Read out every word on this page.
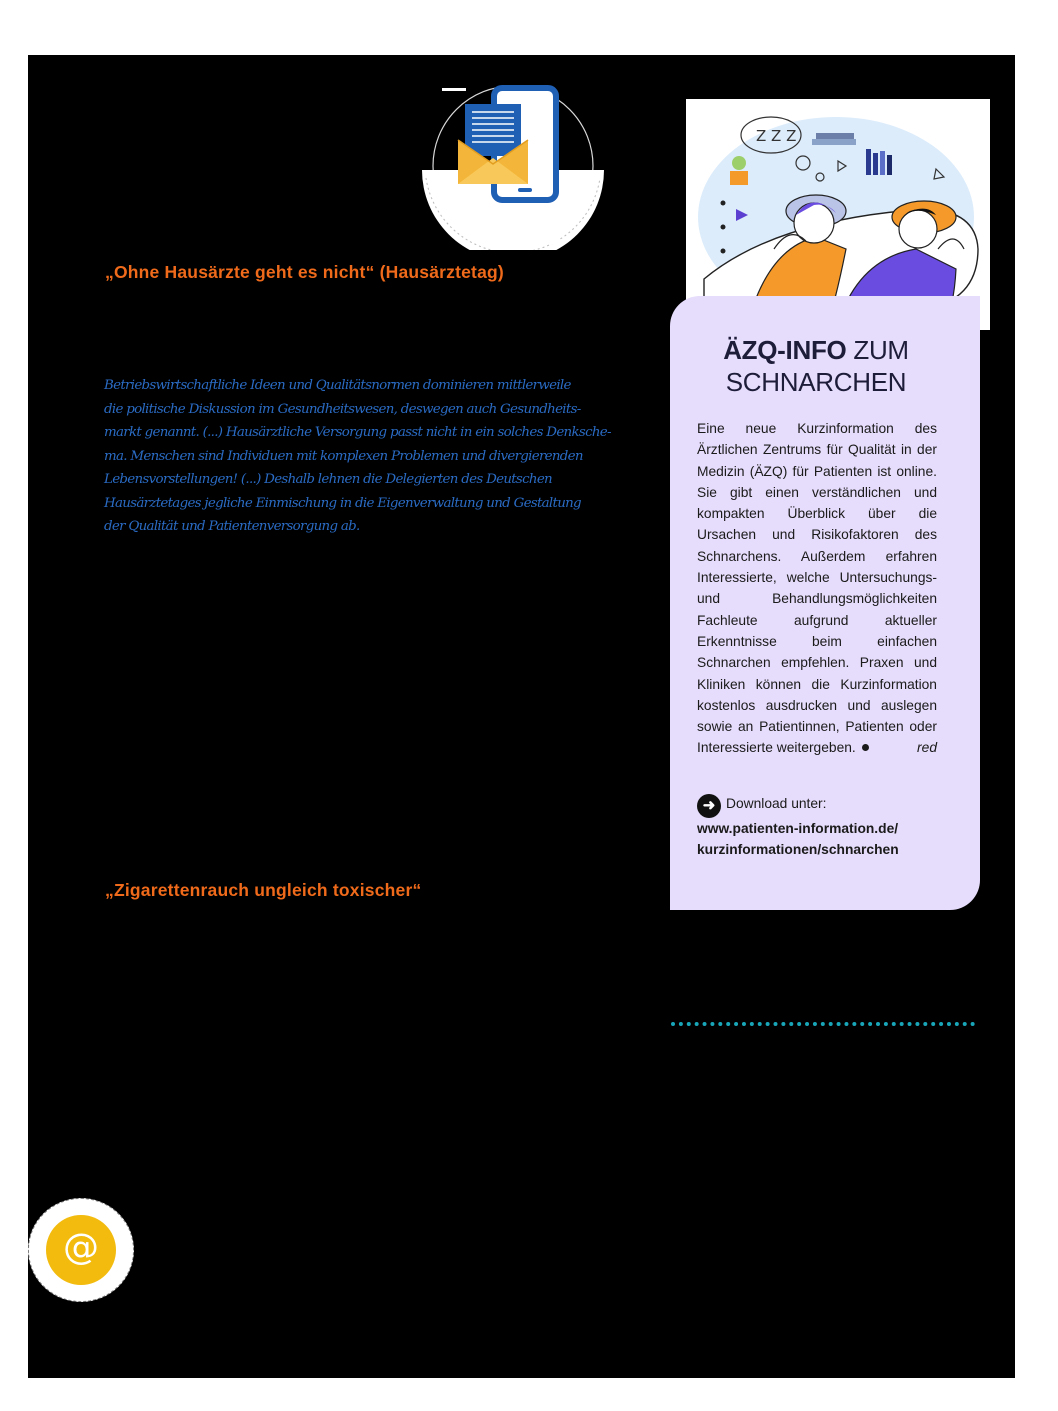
„Ohne Hausärzte geht es nicht“ (Hausärztetag)
Betriebswirtschaftliche Ideen und Qualitätsnormen dominieren mittlerweile
die politische Diskussion im Gesundheitswesen, deswegen auch Gesundheits-
markt genannt. (...) Hausärztliche Versorgung passt nicht in ein solches Denksche-
ma. Menschen sind Individuen mit komplexen Problemen und divergierenden
Lebensvorstellungen! (...) Deshalb lehnen die Delegierten des Deutschen
Hausärztetages jegliche Einmischung in die Eigenverwaltung und Gestaltung
der Qualität und Patientenversorgung ab.
„Zigarettenrauch ungleich toxischer“
Z Z Z
ÄZQ-INFO ZUM
SCHNARCHEN
Eine neue Kurzinformation des Ärztlichen Zentrums für Qualität in der Medizin (ÄZQ) für Patienten ist online. Sie gibt einen verständlichen und kompakten Überblick über die Ursachen und Risikofaktoren des Schnarchens. Außerdem erfahren Interessierte, welche Untersuchungs- und Behandlungsmöglichkeiten Fachleute aufgrund aktueller Erkenntnisse beim einfachen Schnarchen empfehlen. Praxen und Kliniken können die Kurzinformation kostenlos ausdrucken und auslegen sowie an Patientinnen, Patienten oder Interessierte weitergeben.	red
➜ Download unter:
www.patienten-information.de/
kurzinformationen/schnarchen
@
